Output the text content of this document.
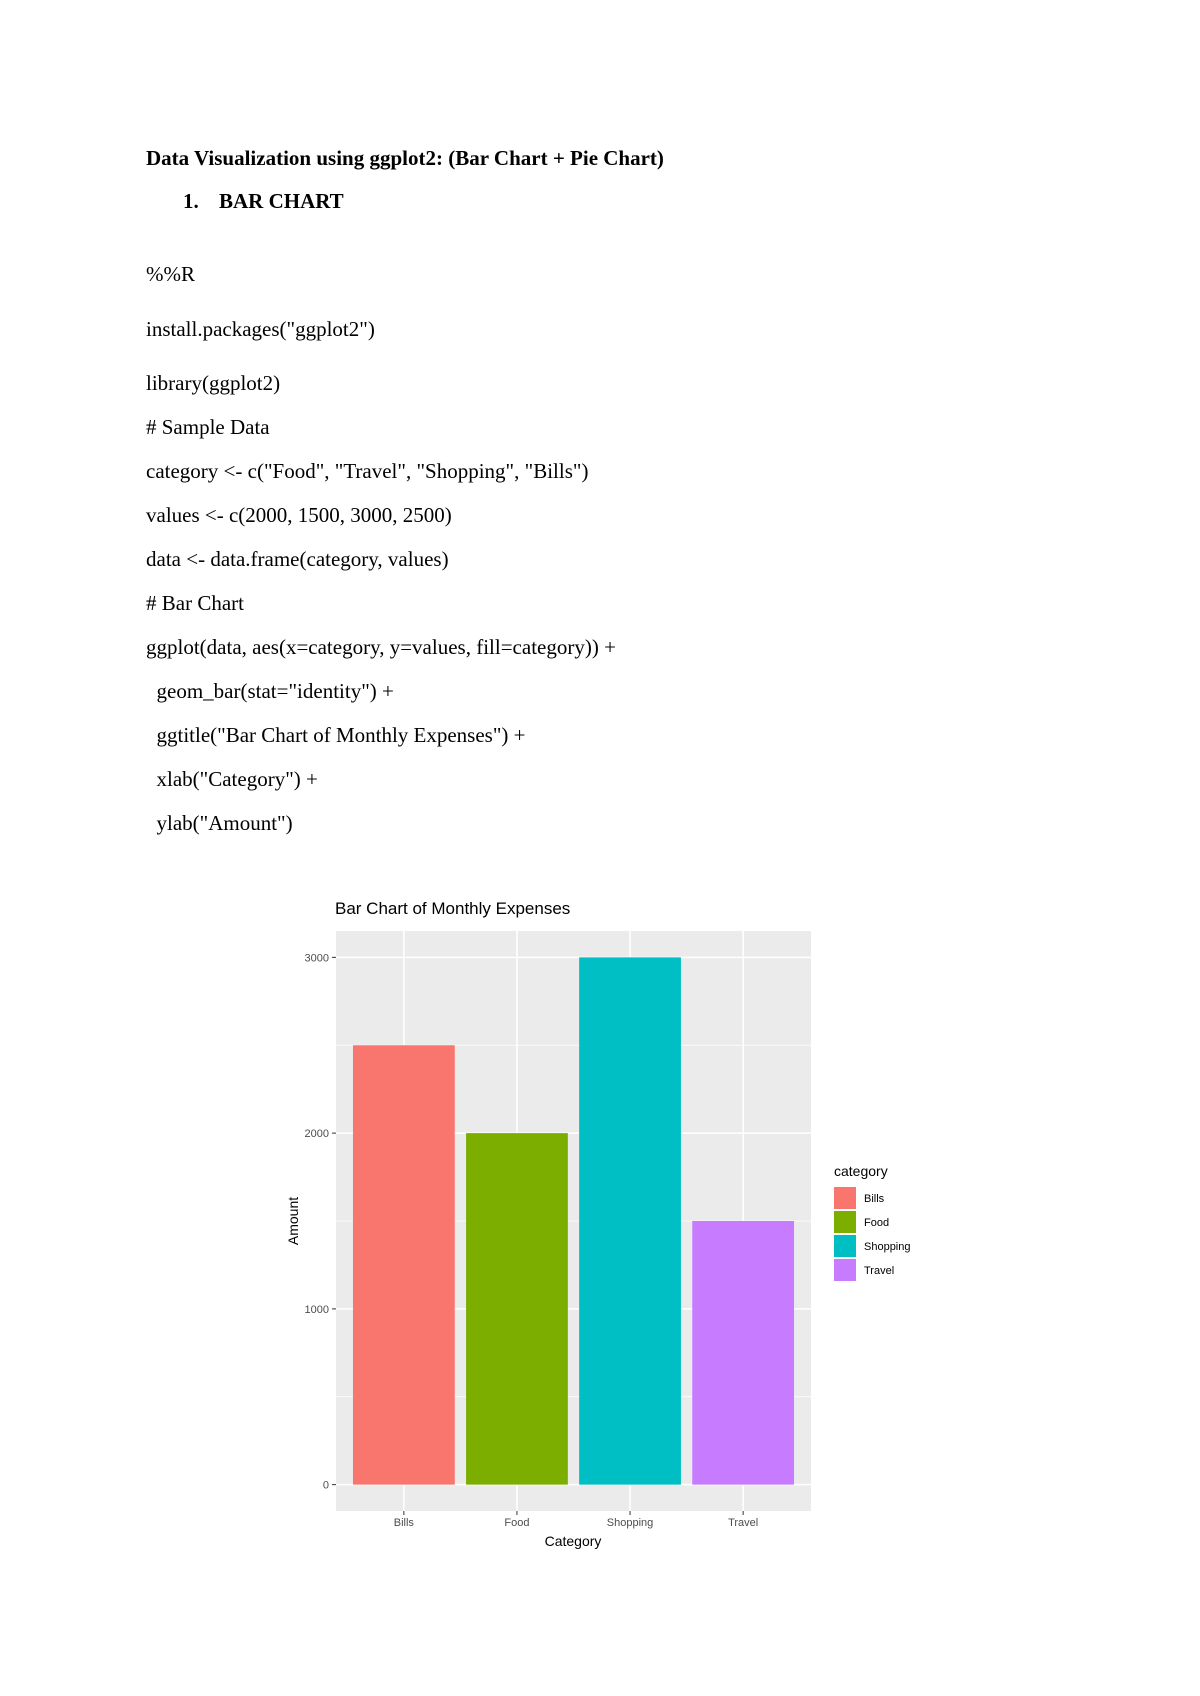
Data Visualization using ggplot2: (Bar Chart + Pie Chart)
1. BAR CHART
%%R
install.packages("ggplot2")
library(ggplot2)
# Sample Data
category <- c("Food", "Travel", "Shopping", "Bills")
values <- c(2000, 1500, 3000, 2500)
data <- data.frame(category, values)
# Bar Chart
ggplot(data, aes(x=category, y=values, fill=category)) +
geom_bar(stat="identity") +
ggtitle("Bar Chart of Monthly Expenses") +
xlab("Category") +
ylab("Amount")
Bar Chart of Monthly Expenses
0
1000
2000
3000
Bills	Food	Shopping	Travel
Category
Amount
category
Bills
Food
Shopping
Travel
